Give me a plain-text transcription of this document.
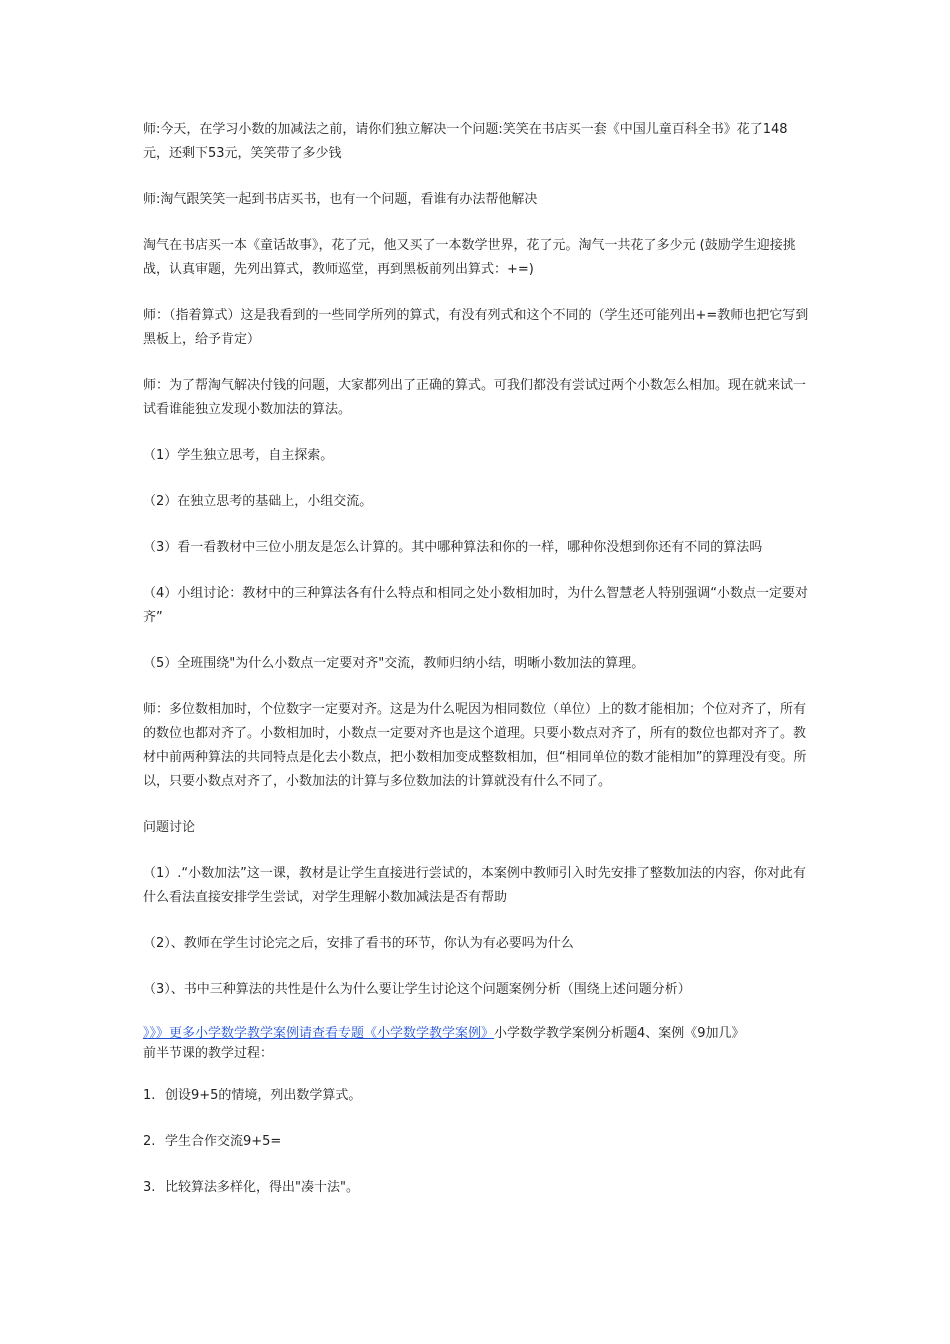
师:今天，在学习小数的加减法之前，请你们独立解决一个问题:笑笑在书店买一套《中国儿童百科全书》花了148元，还剩下53元，笑笑带了多少钱

师:淘气跟笑笑一起到书店买书，也有一个问题，看谁有办法帮他解决

淘气在书店买一本《童话故事》，花了元，他又买了一本数学世界，花了元。淘气一共花了多少元 (鼓励学生迎接挑战，认真审题，先列出算式，教师巡堂，再到黑板前列出算式：+=)

师：（指着算式）这是我看到的一些同学所列的算式，有没有列式和这个不同的（学生还可能列出+=教师也把它写到黑板上，给予肯定）

师：为了帮淘气解决付钱的问题，大家都列出了正确的算式。可我们都没有尝试过两个小数怎么相加。现在就来试一试看谁能独立发现小数加法的算法。

（1）学生独立思考，自主探索。

（2）在独立思考的基础上，小组交流。

（3）看一看教材中三位小朋友是怎么计算的。其中哪种算法和你的一样，哪种你没想到你还有不同的算法吗

（4）小组讨论：教材中的三种算法各有什么特点和相同之处小数相加时，为什么智慧老人特别强调“小数点一定要对齐”

（5）全班围绕"为什么小数点一定要对齐"交流，教师归纳小结，明晰小数加法的算理。

师：多位数相加时，个位数字一定要对齐。这是为什么呢因为相同数位（单位）上的数才能相加；个位对齐了，所有的数位也都对齐了。小数相加时，小数点一定要对齐也是这个道理。只要小数点对齐了，所有的数位也都对齐了。教材中前两种算法的共同特点是化去小数点，把小数相加变成整数相加，但“相同单位的数才能相加”的算理没有变。所以，只要小数点对齐了，小数加法的计算与多位数加法的计算就没有什么不同了。

问题讨论

（1）.“小数加法”这一课，教材是让学生直接进行尝试的，本案例中教师引入时先安排了整数加法的内容，你对此有什么看法直接安排学生尝试，对学生理解小数加减法是否有帮助

（2）、教师在学生讨论完之后，安排了看书的环节，你认为有必要吗为什么

（3）、书中三种算法的共性是什么为什么要让学生讨论这个问题案例分析（围绕上述问题分析）

》》》更多小学数学教学案例请查看专题《小学数学教学案例》小学数学教学案例分析题4、案例《9加几》

前半节课的教学过程：

1. 创设9+5的情境，列出数学算式。

2. 学生合作交流9+5=

3. 比较算法多样化，得出"凑十法"。
